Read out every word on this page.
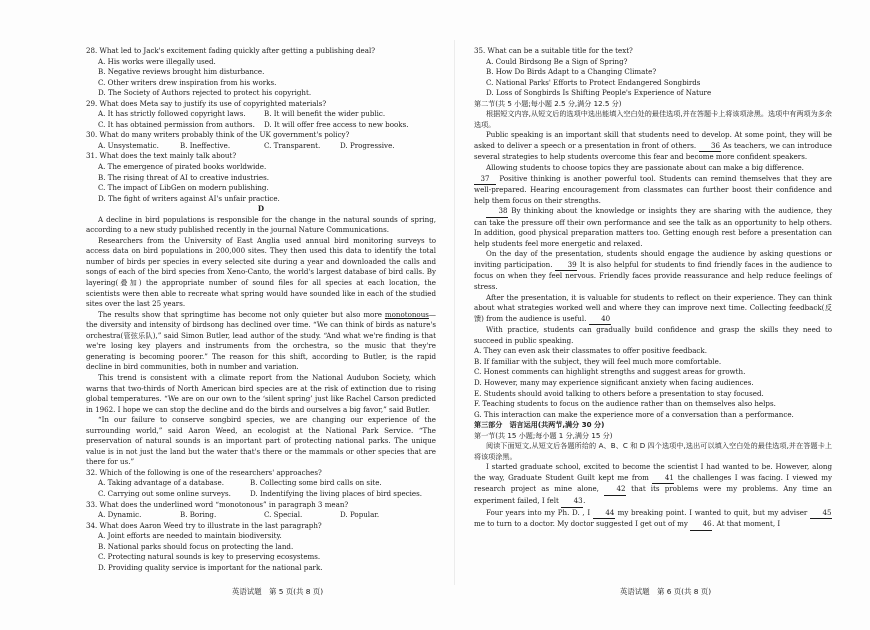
28. What led to Jack's excitement fading quickly after getting a publishing deal?
A. His works were illegally used.
B. Negative reviews brought him disturbance.
C. Other writers drew inspiration from his works.
D. The Society of Authors rejected to protect his copyright.
29. What does Meta say to justify its use of copyrighted materials?
A. It has strictly followed copyright laws.	B. It will benefit the wider public.
C. It has obtained permission from authors. D. It will offer free access to new books.
30. What do many writers probably think of the UK government's policy?
A. Unsystematic.	B. Ineffective.	C. Transparent.	D. Progressive.
31. What does the text mainly talk about?
A. The emergence of pirated books worldwide.
B. The rising threat of AI to creative industries.
C. The impact of LibGen on modern publishing.
D. The fight of writers against AI's unfair practice.
D
A decline in bird populations is responsible for the change in the natural sounds of spring, according to a new study published recently in the journal Nature Communications.
Researchers from the University of East Anglia used annual bird monitoring surveys to access data on bird populations in 200,000 sites. They then used this data to identify the total number of birds per species in every selected site during a year and downloaded the calls and songs of each of the bird species from Xeno-Canto, the world's largest database of bird calls. By layering(叠加) the appropriate number of sound files for all species at each location, the scientists were then able to recreate what spring would have sounded like in each of the studied sites over the last 25 years.
The results show that springtime has become not only quieter but also more monotonous—the diversity and intensity of birdsong has declined over time. “We can think of birds as nature's orchestra(管弦乐队),” said Simon Butler, lead author of the study. “And what we're finding is that we're losing key players and instruments from the orchestra, so the music that they're generating is becoming poorer.” The reason for this shift, according to Butler, is the rapid decline in bird communities, both in number and variation.
This trend is consistent with a climate report from the National Audubon Society, which warns that two-thirds of North American bird species are at the risk of extinction due to rising global temperatures. “We are on our own to the ‘silent spring’ just like Rachel Carson predicted in 1962. I hope we can stop the decline and do the birds and ourselves a big favor,” said Butler.
“In our failure to conserve songbird species, we are changing our experience of the surrounding world,” said Aaron Weed, an ecologist at the National Park Service. “The preservation of natural sounds is an important part of protecting national parks. The unique value is in not just the land but the water that's there or the mammals or other species that are there for us.”
32. Which of the following is one of the researchers' approaches?
A. Taking advantage of a database.	B. Collecting some bird calls on site.
C. Carrying out some online surveys.	D. Indentifying the living places of bird species.
33. What does the underlined word “monotonous” in paragraph 3 mean?
A. Dynamic.	B. Boring.	C. Special.	D. Popular.
34. What does Aaron Weed try to illustrate in the last paragraph?
A. Joint efforts are needed to maintain biodiversity.
B. National parks should focus on protecting the land.
C. Protecting natural sounds is key to preserving ecosystems.
D. Providing quality service is important for the national park.
35. What can be a suitable title for the text?
A. Could Birdsong Be a Sign of Spring?
B. How Do Birds Adapt to a Changing Climate?
C. National Parks' Efforts to Protect Endangered Songbirds
D. Loss of Songbirds Is Shifting People's Experience of Nature
第二节(共 5 小题;每小题 2.5 分,满分 12.5 分)
根据短文内容,从短文后的选项中选出能填入空白处的最佳选项,并在答题卡上将该项涂黑。选项中有两项为多余选项。
Public speaking is an important skill that students need to develop. At some point, they will be asked to deliver a speech or a presentation in front of others. 36 As teachers, we can introduce several strategies to help students overcome this fear and become more confident speakers.
Allowing students to choose topics they are passionate about can make a big difference.
37 Positive thinking is another powerful tool. Students can remind themselves that they are well-prepared. Hearing encouragement from classmates can further boost their confidence and help them focus on their strengths.
38 By thinking about the knowledge or insights they are sharing with the audience, they can take the pressure off their own performance and see the talk as an opportunity to help others. In addition, good physical preparation matters too. Getting enough rest before a presentation can help students feel more energetic and relaxed.
On the day of the presentation, students should engage the audience by asking questions or inviting participation. 39 It is also helpful for students to find friendly faces in the audience to focus on when they feel nervous. Friendly faces provide reassurance and help reduce feelings of stress.
After the presentation, it is valuable for students to reflect on their experience. They can think about what strategies worked well and where they can improve next time. Collecting feedback(反馈) from the audience is useful. 40
With practice, students can gradually build confidence and grasp the skills they need to succeed in public speaking.
A. They can even ask their classmates to offer positive feedback.
B. If familiar with the subject, they will feel much more comfortable.
C. Honest comments can highlight strengths and suggest areas for growth.
D. However, many may experience significant anxiety when facing audiences.
E. Students should avoid talking to others before a presentation to stay focused.
F. Teaching students to focus on the audience rather than on themselves also helps.
G. This interaction can make the experience more of a conversation than a performance.
第三部分　语言运用(共两节,满分 30 分)
第一节(共 15 小题;每小题 1 分,满分 15 分)
阅读下面短文,从短文后各题所给的 A、B、C 和 D 四个选项中,选出可以填入空白处的最佳选项,并在答题卡上将该项涂黑。
I started graduate school, excited to become the scientist I had wanted to be. However, along the way, Graduate Student Guilt kept me from 41 the challenges I was facing. I viewed my research project as mine alone, 42 that its problems were my problems. Any time an experiment failed, I felt 43.
Four years into my Ph. D. , I 44 my breaking point. I wanted to quit, but my adviser 45 me to turn to a doctor. My doctor suggested I get out of my 46. At that moment, I
英语试题　第 5 页(共 8 页)	英语试题　第 6 页(共 8 页)
